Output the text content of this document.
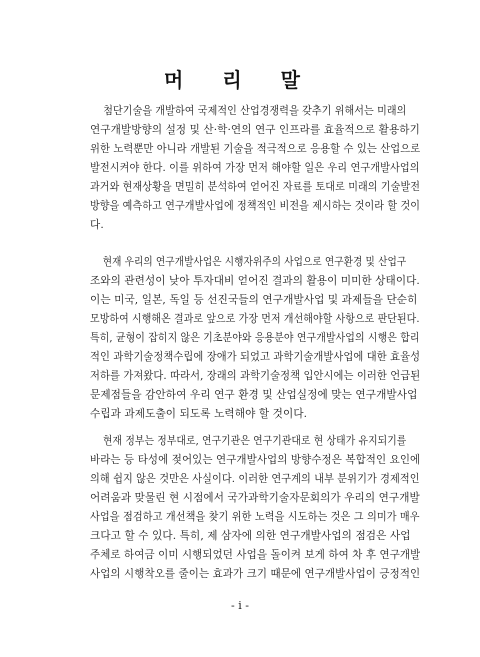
머 리 말
첨단기술을 개발하여 국제적인 산업경쟁력을 갖추기 위해서는 미래의
연구개발방향의 설정 및 산·학·연의 연구 인프라를 효율적으로 활용하기
위한 노력뿐만 아니라 개발된 기술을 적극적으로 응용할 수 있는 산업으로
발전시켜야 한다. 이를 위하여 가장 먼저 해야할 일은 우리 연구개발사업의
과거와 현재상황을 면밀히 분석하여 얻어진 자료를 토대로 미래의 기술발전
방향을 예측하고 연구개발사업에 정책적인 비전을 제시하는 것이라 할 것이
다.
현재 우리의 연구개발사업은 시행자위주의 사업으로 연구환경 및 산업구
조와의 관련성이 낮아 투자대비 얻어진 결과의 활용이 미미한 상태이다.
이는 미국, 일본, 독일 등 선진국들의 연구개발사업 및 과제들을 단순히
모방하여 시행해온 결과로 앞으로 가장 먼저 개선해야할 사항으로 판단된다.
특히, 균형이 잡히지 않은 기초분야와 응용분야 연구개발사업의 시행은 합리
적인 과학기술정책수립에 장애가 되었고 과학기술개발사업에 대한 효율성
저하를 가져왔다. 따라서, 장래의 과학기술정책 입안시에는 이러한 언급된
문제점들을 감안하여 우리 연구 환경 및 산업실정에 맞는 연구개발사업
수립과 과제도출이 되도록 노력해야 할 것이다.
현재 정부는 정부대로, 연구기관은 연구기관대로 현 상태가 유지되기를
바라는 등 타성에 젖어있는 연구개발사업의 방향수정은 복합적인 요인에
의해 쉽지 않은 것만은 사실이다. 이러한 연구계의 내부 분위기가 경제적인
어려움과 맞물린 현 시점에서 국가과학기술자문회의가 우리의 연구개발
사업을 점검하고 개선책을 찾기 위한 노력을 시도하는 것은 그 의미가 매우
크다고 할 수 있다. 특히, 제 삼자에 의한 연구개발사업의 점검은 사업
주체로 하여금 이미 시행되었던 사업을 돌이켜 보게 하여 차 후 연구개발
사업의 시행착오를 줄이는 효과가 크기 때문에 연구개발사업이 긍정적인
- i -
